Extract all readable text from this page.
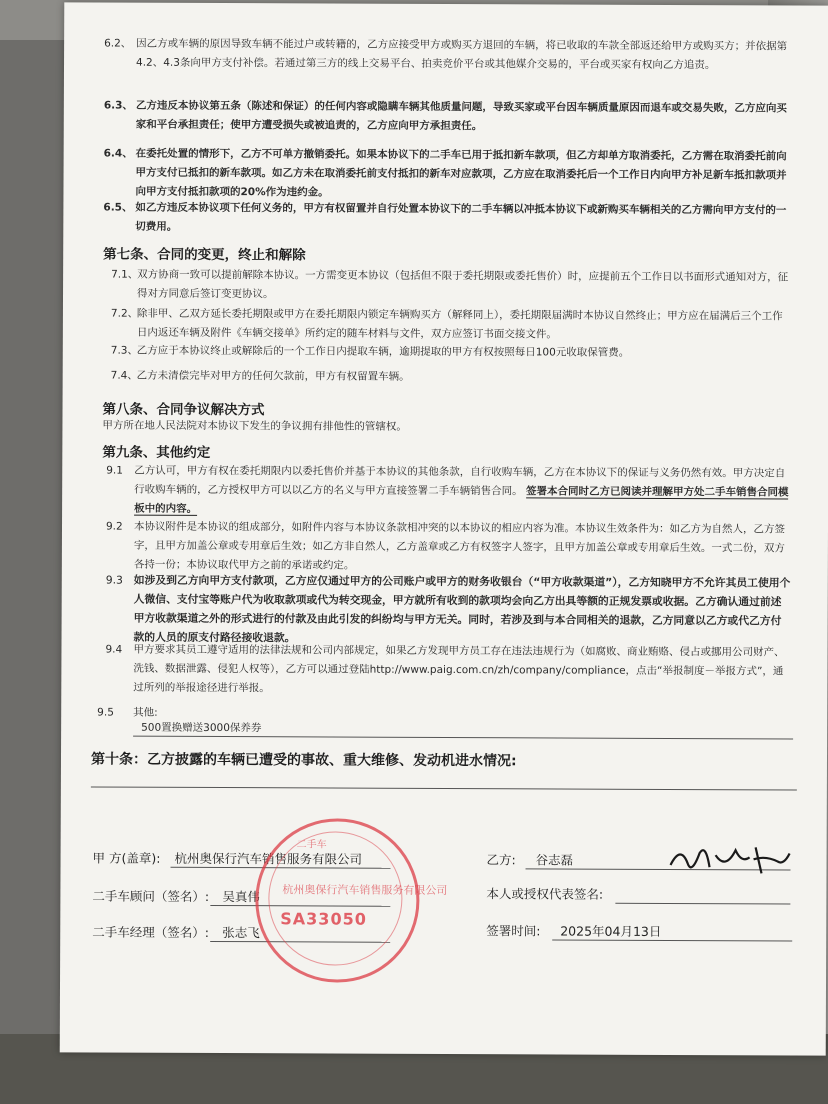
6.2、 因乙方或车辆的原因导致车辆不能过户或转籍的，乙方应接受甲方或购买方退回的车辆，将已收取的车款全部返还给甲方或购买方；并依据第4.2、4.3条向甲方支付补偿。若通过第三方的线上交易平台、拍卖竞价平台或其他媒介交易的，平台或买家有权向乙方追责。
6.3、 乙方违反本协议第五条（陈述和保证）的任何内容或隐瞒车辆其他质量问题，导致买家或平台因车辆质量原因而退车或交易失败，乙方应向买家和平台承担责任；使甲方遭受损失或被追责的，乙方应向甲方承担责任。
6.4、 在委托处置的情形下，乙方不可单方撤销委托。如果本协议下的二手车已用于抵扣新车款项，但乙方却单方取消委托，乙方需在取消委托前向甲方支付已抵扣的新车款项。如乙方未在取消委托前支付抵扣的新车对应款项，乙方应在取消委托后一个工作日内向甲方补足新车抵扣款项并向甲方支付抵扣款项的20%作为违约金。
6.5、 如乙方违反本协议项下任何义务的，甲方有权留置并自行处置本协议下的二手车辆以冲抵本协议下或新购买车辆相关的乙方需向甲方支付的一切费用。
第七条、合同的变更，终止和解除
7.1、
双方协商一致可以提前解除本协议。一方需变更本协议（包括但不限于委托期限或委托售价）时，应提前五个工作日以书面形式通知对方，征得对方同意后签订变更协议。
7.2、
除非甲、乙双方延长委托期限或甲方在委托期限内锁定车辆购买方（解释同上），委托期限届满时本协议自然终止；甲方应在届满后三个工作日内返还车辆及附件《车辆交接单》所约定的随车材料与文件，双方应签订书面交接文件。
7.3、
乙方应于本协议终止或解除后的一个工作日内提取车辆，逾期提取的甲方有权按照每日100元收取保管费。
7.4、
乙方未清偿完毕对甲方的任何欠款前，甲方有权留置车辆。
第八条、合同争议解决方式
甲方所在地人民法院对本协议下发生的争议拥有排他性的管辖权。
第九条、其他约定
9.1	乙方认可，甲方有权在委托期限内以委托售价并基于本协议的其他条款，自行收购车辆，乙方在本协议下的保证与义务仍然有效。甲方决定自行收购车辆的，乙方授权甲方可以以乙方的名义与甲方直接签署二手车辆销售合同。 签署本合同时乙方已阅读并理解甲方处二手车销售合同模板中的内容。
9.2	本协议附件是本协议的组成部分，如附件内容与本协议条款相冲突的以本协议的相应内容为准。本协议生效条件为：如乙方为自然人，乙方签字，且甲方加盖公章或专用章后生效；如乙方非自然人，乙方盖章或乙方有权签字人签字，且甲方加盖公章或专用章后生效。一式二份，双方各持一份；本协议取代甲方之前的承诺或约定。
9.3 如涉及到乙方向甲方支付款项，乙方应仅通过甲方的公司账户或甲方的财务收银台（“甲方收款渠道”），乙方知晓甲方不允许其员工使用个人微信、支付宝等账户代为收取款项或代为转交现金，甲方就所有收到的款项均会向乙方出具等额的正规发票或收据。乙方确认通过前述甲方收款渠道之外的形式进行的付款及由此引发的纠纷均与甲方无关。同时，若涉及到与本合同相关的退款，乙方同意以乙方或代乙方付款的人员的原支付路径接收退款。
9.4	甲方要求其员工遵守适用的法律法规和公司内部规定，如果乙方发现甲方员工存在违法违规行为（如腐败、商业贿赂、侵占或挪用公司财产、洗钱、数据泄露、侵犯人权等），乙方可以通过登陆http://www.paig.com.cn/zh/company/compliance，点击“举报制度－举报方式”，通过所列的举报途径进行举报。
9.5 其他:
500置换赠送3000保养券
第十条：乙方披露的车辆已遭受的事故、重大维修、发动机进水情况:
甲 方(盖章): 杭州奥保行汽车销售服务有限公司
二手车顾问（签名）: 吴真伟
二手车经理（签名）: 张志飞
乙方: 谷志磊
本人或授权代表签名:
签署时间: 2025年04月13日
二手车
杭州奥保行汽车销售服务有限公司
SA33050
